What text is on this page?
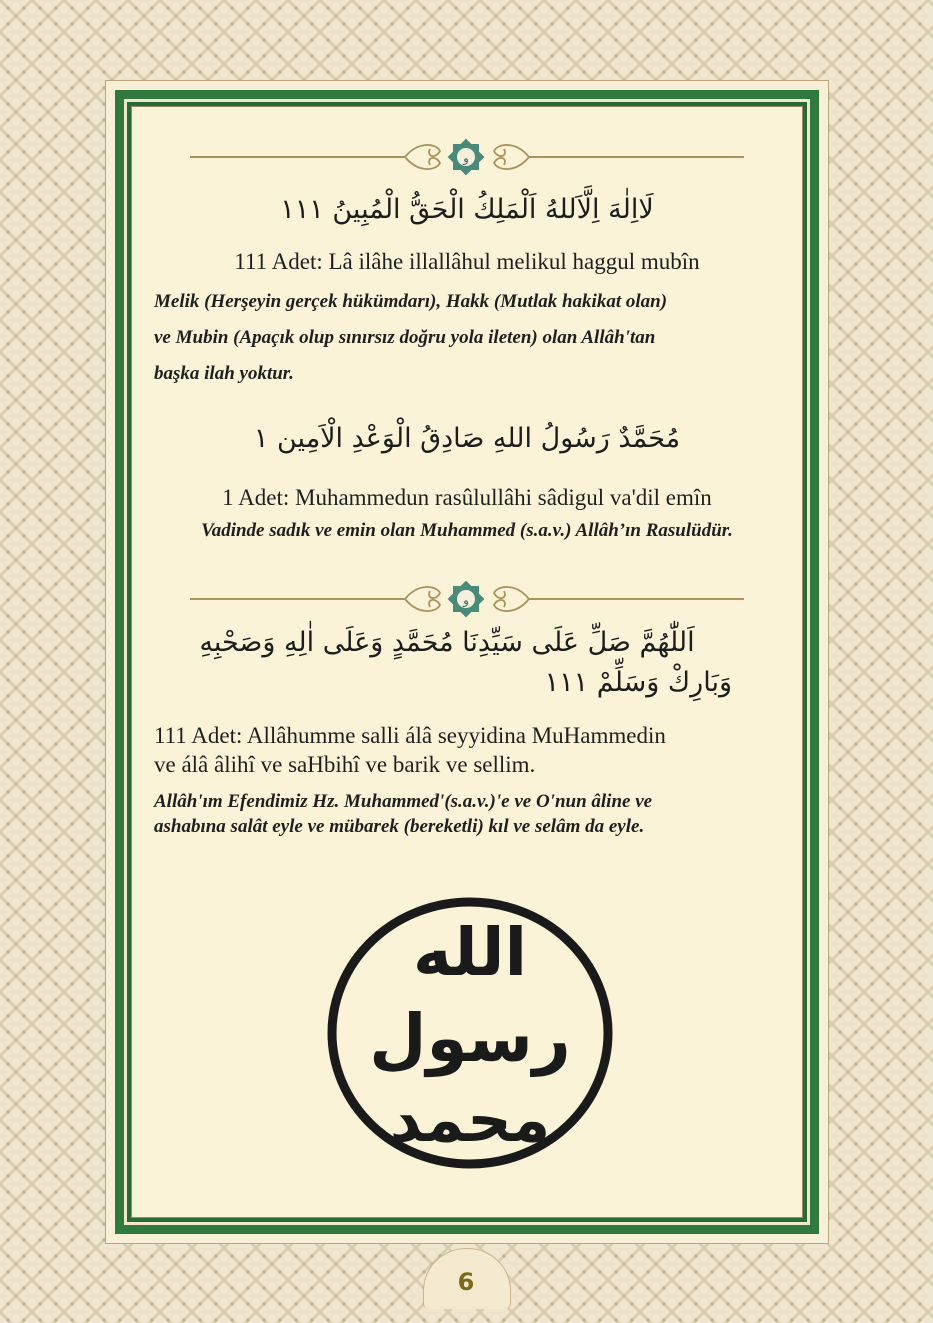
و
لَااِلٰهَ اِلَّاَللهُ اَلْمَلِكُ الْحَقُّ الْمُبِينُ ١١١
111 Adet: Lâ ilâhe illallâhul melikul haggul mubîn
Melik (Herşeyin gerçek hükümdarı), Hakk (Mutlak hakikat olan)
ve Mubin (Apaçık olup sınırsız doğru yola ileten) olan Allâh'tan
başka ilah yoktur.
مُحَمَّدٌ رَسُولُ اللهِ صَادِقُ الْوَعْدِ الْاَمِين ١
1 Adet: Muhammedun rasûlullâhi sâdigul va'dil emîn
Vadinde sadık ve emin olan Muhammed (s.a.v.) Allâh’ın Rasulüdür.
و
اَللّٰهُمَّ صَلِّ عَلَى سَيِّدِنَا مُحَمَّدٍ وَعَلَى اٰلِهِ وَصَحْبِهِ
وَبَارِكْ وَسَلِّمْ ١١١
111 Adet: Allâhumme salli álâ seyyidina MuHammedin
ve álâ âlihî ve saHbihî ve barik ve sellim.
Allâh'ım Efendimiz Hz. Muhammed'(s.a.v.)'e ve O'nun âline ve
ashabına salât eyle ve mübarek (bereketli) kıl ve selâm da eyle.
الله
رسول
محمد
6
